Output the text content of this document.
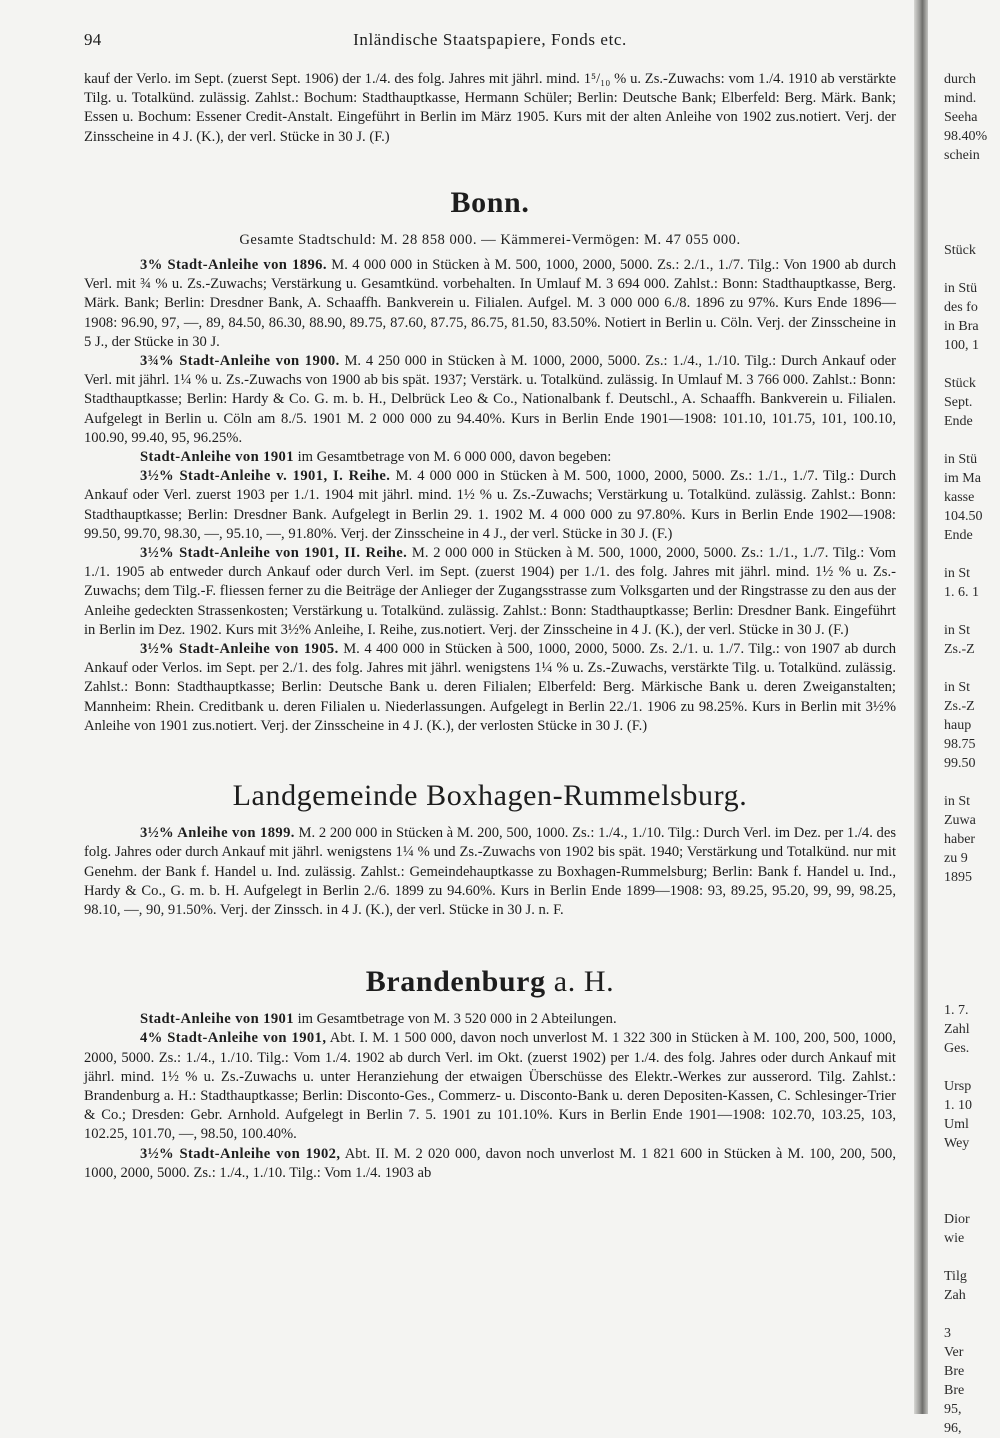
94	Inländische Staatspapiere, Fonds etc.

kauf der Verlo. im Sept. (zuerst Sept. 1906) der 1./4. des folg. Jahres mit jährl. mind. 1⁵/₁₀ % u. Zs.-Zuwachs: vom 1./4. 1910 ab verstärkte Tilg. u. Totalkünd. zulässig. Zahlst.: Bochum: Stadthauptkasse, Hermann Schüler; Berlin: Deutsche Bank; Elberfeld: Berg. Märk. Bank; Essen u. Bochum: Essener Credit-Anstalt. Eingeführt in Berlin im März 1905. Kurs mit der alten Anleihe von 1902 zus.notiert. Verj. der Zinsscheine in 4 J. (K.), der verl. Stücke in 30 J. (F.)

Bonn.

Gesamte Stadtschuld: M. 28 858 000. — Kämmerei-Vermögen: M. 47 055 000.

3% Stadt-Anleihe von 1896. M. 4 000 000 in Stücken à M. 500, 1000, 2000, 5000. Zs.: 2./1., 1./7. Tilg.: Von 1900 ab durch Verl. mit ¾ % u. Zs.-Zuwachs; Verstärkung u. Gesamtkünd. vorbehalten. In Umlauf M. 3 694 000. Zahlst.: Bonn: Stadthauptkasse, Berg. Märk. Bank; Berlin: Dresdner Bank, A. Schaaffh. Bankverein u. Filialen. Aufgel. M. 3 000 000 6./8. 1896 zu 97%. Kurs Ende 1896—1908: 96.90, 97, —, 89, 84.50, 86.30, 88.90, 89.75, 87.60, 87.75, 86.75, 81.50, 83.50%. Notiert in Berlin u. Cöln. Verj. der Zinsscheine in 5 J., der Stücke in 30 J.

3¾% Stadt-Anleihe von 1900. M. 4 250 000 in Stücken à M. 1000, 2000, 5000. Zs.: 1./4., 1./10. Tilg.: Durch Ankauf oder Verl. mit jährl. 1¼ % u. Zs.-Zuwachs von 1900 ab bis spät. 1937; Verstärk. u. Totalkünd. zulässig. In Umlauf M. 3 766 000. Zahlst.: Bonn: Stadthauptkasse; Berlin: Hardy & Co. G. m. b. H., Delbrück Leo & Co., Nationalbank f. Deutschl., A. Schaaffh. Bankverein u. Filialen. Aufgelegt in Berlin u. Cöln am 8./5. 1901 M. 2 000 000 zu 94.40%. Kurs in Berlin Ende 1901—1908: 101.10, 101.75, 101, 100.10, 100.90, 99.40, 95, 96.25%.

Stadt-Anleihe von 1901 im Gesamtbetrage von M. 6 000 000, davon begeben:

3½% Stadt-Anleihe v. 1901, I. Reihe. M. 4 000 000 in Stücken à M. 500, 1000, 2000, 5000. Zs.: 1./1., 1./7. Tilg.: Durch Ankauf oder Verl. zuerst 1903 per 1./1. 1904 mit jährl. mind. 1½ % u. Zs.-Zuwachs; Verstärkung u. Totalkünd. zulässig. Zahlst.: Bonn: Stadthauptkasse; Berlin: Dresdner Bank. Aufgelegt in Berlin 29. 1. 1902 M. 4 000 000 zu 97.80%. Kurs in Berlin Ende 1902—1908: 99.50, 99.70, 98.30, —, 95.10, —, 91.80%. Verj. der Zinsscheine in 4 J., der verl. Stücke in 30 J. (F.)

3½% Stadt-Anleihe von 1901, II. Reihe. M. 2 000 000 in Stücken à M. 500, 1000, 2000, 5000. Zs.: 1./1., 1./7. Tilg.: Vom 1./1. 1905 ab entweder durch Ankauf oder durch Verl. im Sept. (zuerst 1904) per 1./1. des folg. Jahres mit jährl. mind. 1½ % u. Zs.-Zuwachs; dem Tilg.-F. fliessen ferner zu die Beiträge der Anlieger der Zugangsstrasse zum Volksgarten und der Ringstrasse zu den aus der Anleihe gedeckten Strassenkosten; Verstärkung u. Totalkünd. zulässig. Zahlst.: Bonn: Stadthauptkasse; Berlin: Dresdner Bank. Eingeführt in Berlin im Dez. 1902. Kurs mit 3½% Anleihe, I. Reihe, zus.notiert. Verj. der Zinsscheine in 4 J. (K.), der verl. Stücke in 30 J. (F.)

3½% Stadt-Anleihe von 1905. M. 4 400 000 in Stücken à 500, 1000, 2000, 5000. Zs. 2./1. u. 1./7. Tilg.: von 1907 ab durch Ankauf oder Verlos. im Sept. per 2./1. des folg. Jahres mit jährl. wenigstens 1¼ % u. Zs.-Zuwachs, verstärkte Tilg. u. Totalkünd. zulässig. Zahlst.: Bonn: Stadthauptkasse; Berlin: Deutsche Bank u. deren Filialen; Elberfeld: Berg. Märkische Bank u. deren Zweiganstalten; Mannheim: Rhein. Creditbank u. deren Filialen u. Niederlassungen. Aufgelegt in Berlin 22./1. 1906 zu 98.25%. Kurs in Berlin mit 3½% Anleihe von 1901 zus.notiert. Verj. der Zinsscheine in 4 J. (K.), der verlosten Stücke in 30 J. (F.)

Landgemeinde Boxhagen-Rummelsburg.

3½% Anleihe von 1899. M. 2 200 000 in Stücken à M. 200, 500, 1000. Zs.: 1./4., 1./10. Tilg.: Durch Verl. im Dez. per 1./4. des folg. Jahres oder durch Ankauf mit jährl. wenigstens 1¼ % und Zs.-Zuwachs von 1902 bis spät. 1940; Verstärkung und Totalkünd. nur mit Genehm. der Bank f. Handel u. Ind. zulässig. Zahlst.: Gemeindehauptkasse zu Boxhagen-Rummelsburg; Berlin: Bank f. Handel u. Ind., Hardy & Co., G. m. b. H. Aufgelegt in Berlin 2./6. 1899 zu 94.60%. Kurs in Berlin Ende 1899—1908: 93, 89.25, 95.20, 99, 99, 98.25, 98.10, —, 90, 91.50%. Verj. der Zinssch. in 4 J. (K.), der verl. Stücke in 30 J. n. F.

Brandenburg a. H.

Stadt-Anleihe von 1901 im Gesamtbetrage von M. 3 520 000 in 2 Abteilungen.

4% Stadt-Anleihe von 1901, Abt. I. M. 1 500 000, davon noch unverlost M. 1 322 300 in Stücken à M. 100, 200, 500, 1000, 2000, 5000. Zs.: 1./4., 1./10. Tilg.: Vom 1./4. 1902 ab durch Verl. im Okt. (zuerst 1902) per 1./4. des folg. Jahres oder durch Ankauf mit jährl. mind. 1½ % u. Zs.-Zuwachs u. unter Heranziehung der etwaigen Überschüsse des Elektr.-Werkes zur ausserord. Tilg. Zahlst.: Brandenburg a. H.: Stadthauptkasse; Berlin: Disconto-Ges., Commerz- u. Disconto-Bank u. deren Depositen-Kassen, C. Schlesinger-Trier & Co.; Dresden: Gebr. Arnhold. Aufgelegt in Berlin 7. 5. 1901 zu 101.10%. Kurs in Berlin Ende 1901—1908: 102.70, 103.25, 103, 102.25, 101.70, —, 98.50, 100.40%.

3½% Stadt-Anleihe von 1902, Abt. II. M. 2 020 000, davon noch unverlost M. 1 821 600 in Stücken à M. 100, 200, 500, 1000, 2000, 5000. Zs.: 1./4., 1./10. Tilg.: Vom 1./4. 1903 ab

durch
mind.
Seeha
98.40%
schein
Stück
in Stü
des fo
in Bra
100, 1
Stück
Sept.
Ende
in Stü
im Ma
kasse
104.50
Ende
in St
1. 6. 1
in St
Zs.-Z
in St
Zs.-Z
haup
98.75
99.50
in St
Zuwa
haber
zu 9
1895
1. 7.
Zahl
Ges.
Ursp
1. 10
Uml
Wey
Dior
wie
Tilg
Zah
3
Ver
Bre
Bre
95,
96,
